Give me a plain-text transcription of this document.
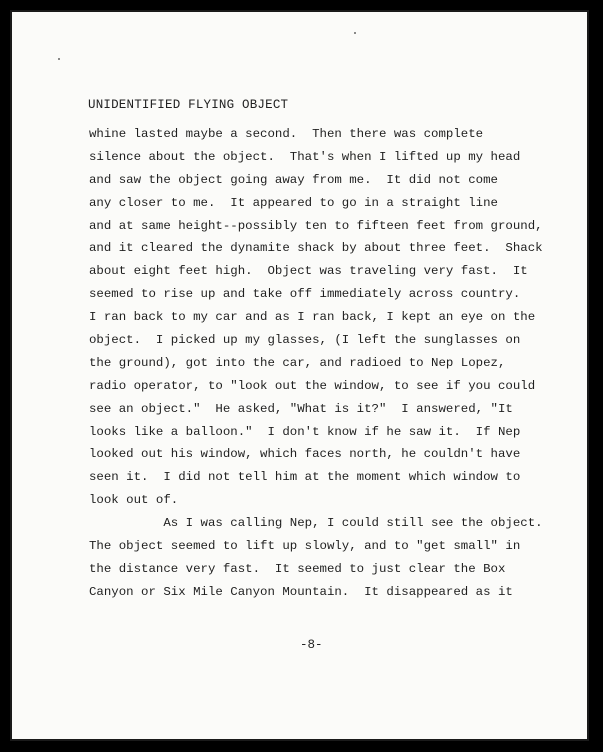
UNIDENTIFIED FLYING OBJECT
whine lasted maybe a second.  Then there was complete
silence about the object.  That's when I lifted up my head
and saw the object going away from me.  It did not come
any closer to me.  It appeared to go in a straight line
and at same height--possibly ten to fifteen feet from ground,
and it cleared the dynamite shack by about three feet.  Shack
about eight feet high.  Object was traveling very fast.  It
seemed to rise up and take off immediately across country.
I ran back to my car and as I ran back, I kept an eye on the
object.  I picked up my glasses, (I left the sunglasses on
the ground), got into the car, and radioed to Nep Lopez,
radio operator, to "look out the window, to see if you could
see an object."  He asked, "What is it?"  I answered, "It
looks like a balloon."  I don't know if he saw it.  If Nep
looked out his window, which faces north, he couldn't have
seen it.  I did not tell him at the moment which window to
look out of.
As I was calling Nep, I could still see the object.
The object seemed to lift up slowly, and to "get small" in
the distance very fast.  It seemed to just clear the Box
Canyon or Six Mile Canyon Mountain.  It disappeared as it
-8-
